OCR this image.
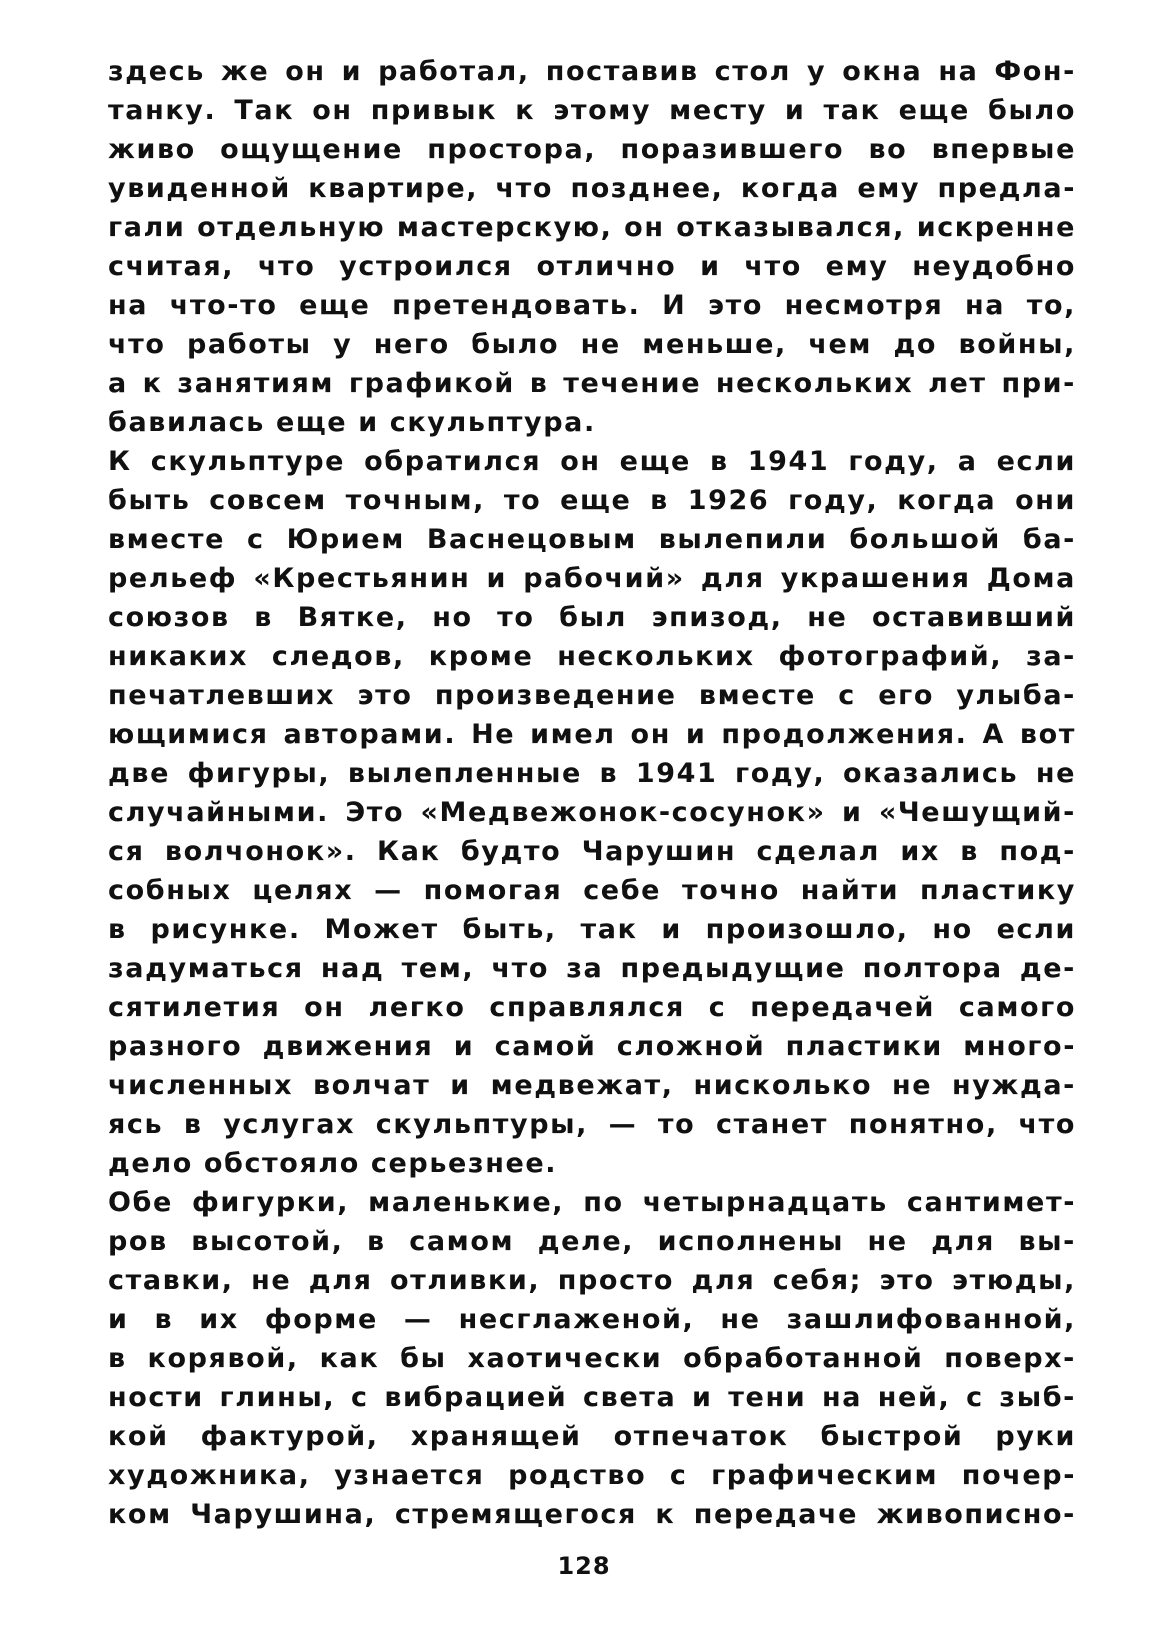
здесь же он и работал, поставив стол у окна на Фон-
танку. Так он привык к этому месту и так еще было
живо ощущение простора, поразившего во впервые
увиденной квартире, что позднее, когда ему предла-
гали отдельную мастерскую, он отказывался, искренне
считая, что устроился отлично и что ему неудобно
на что-то еще претендовать. И это несмотря на то,
что работы у него было не меньше, чем до войны,
а к занятиям графикой в течение нескольких лет при-
бавилась еще и скульптура.
К скульптуре обратился он еще в 1941 году, а если
быть совсем точным, то еще в 1926 году, когда они
вместе с Юрием Васнецовым вылепили большой ба-
рельеф «Крестьянин и рабочий» для украшения Дома
союзов в Вятке, но то был эпизод, не оставивший
никаких следов, кроме нескольких фотографий, за-
печатлевших это произведение вместе с его улыба-
ющимися авторами. Не имел он и продолжения. А вот
две фигуры, вылепленные в 1941 году, оказались не
случайными. Это «Медвежонок-сосунок» и «Чешущий-
ся волчонок». Как будто Чарушин сделал их в под-
собных целях — помогая себе точно найти пластику
в рисунке. Может быть, так и произошло, но если
задуматься над тем, что за предыдущие полтора де-
сятилетия он легко справлялся с передачей самого
разного движения и самой сложной пластики много-
численных волчат и медвежат, нисколько не нужда-
ясь в услугах скульптуры, — то станет понятно, что
дело обстояло серьезнее.
Обе фигурки, маленькие, по четырнадцать сантимет-
ров высотой, в самом деле, исполнены не для вы-
ставки, не для отливки, просто для себя; это этюды,
и в их форме — несглаженой, не зашлифованной,
в корявой, как бы хаотически обработанной поверх-
ности глины, с вибрацией света и тени на ней, с зыб-
кой фактурой, хранящей отпечаток быстрой руки
художника, узнается родство с графическим почер-
ком Чарушина, стремящегося к передаче живописно-
128
